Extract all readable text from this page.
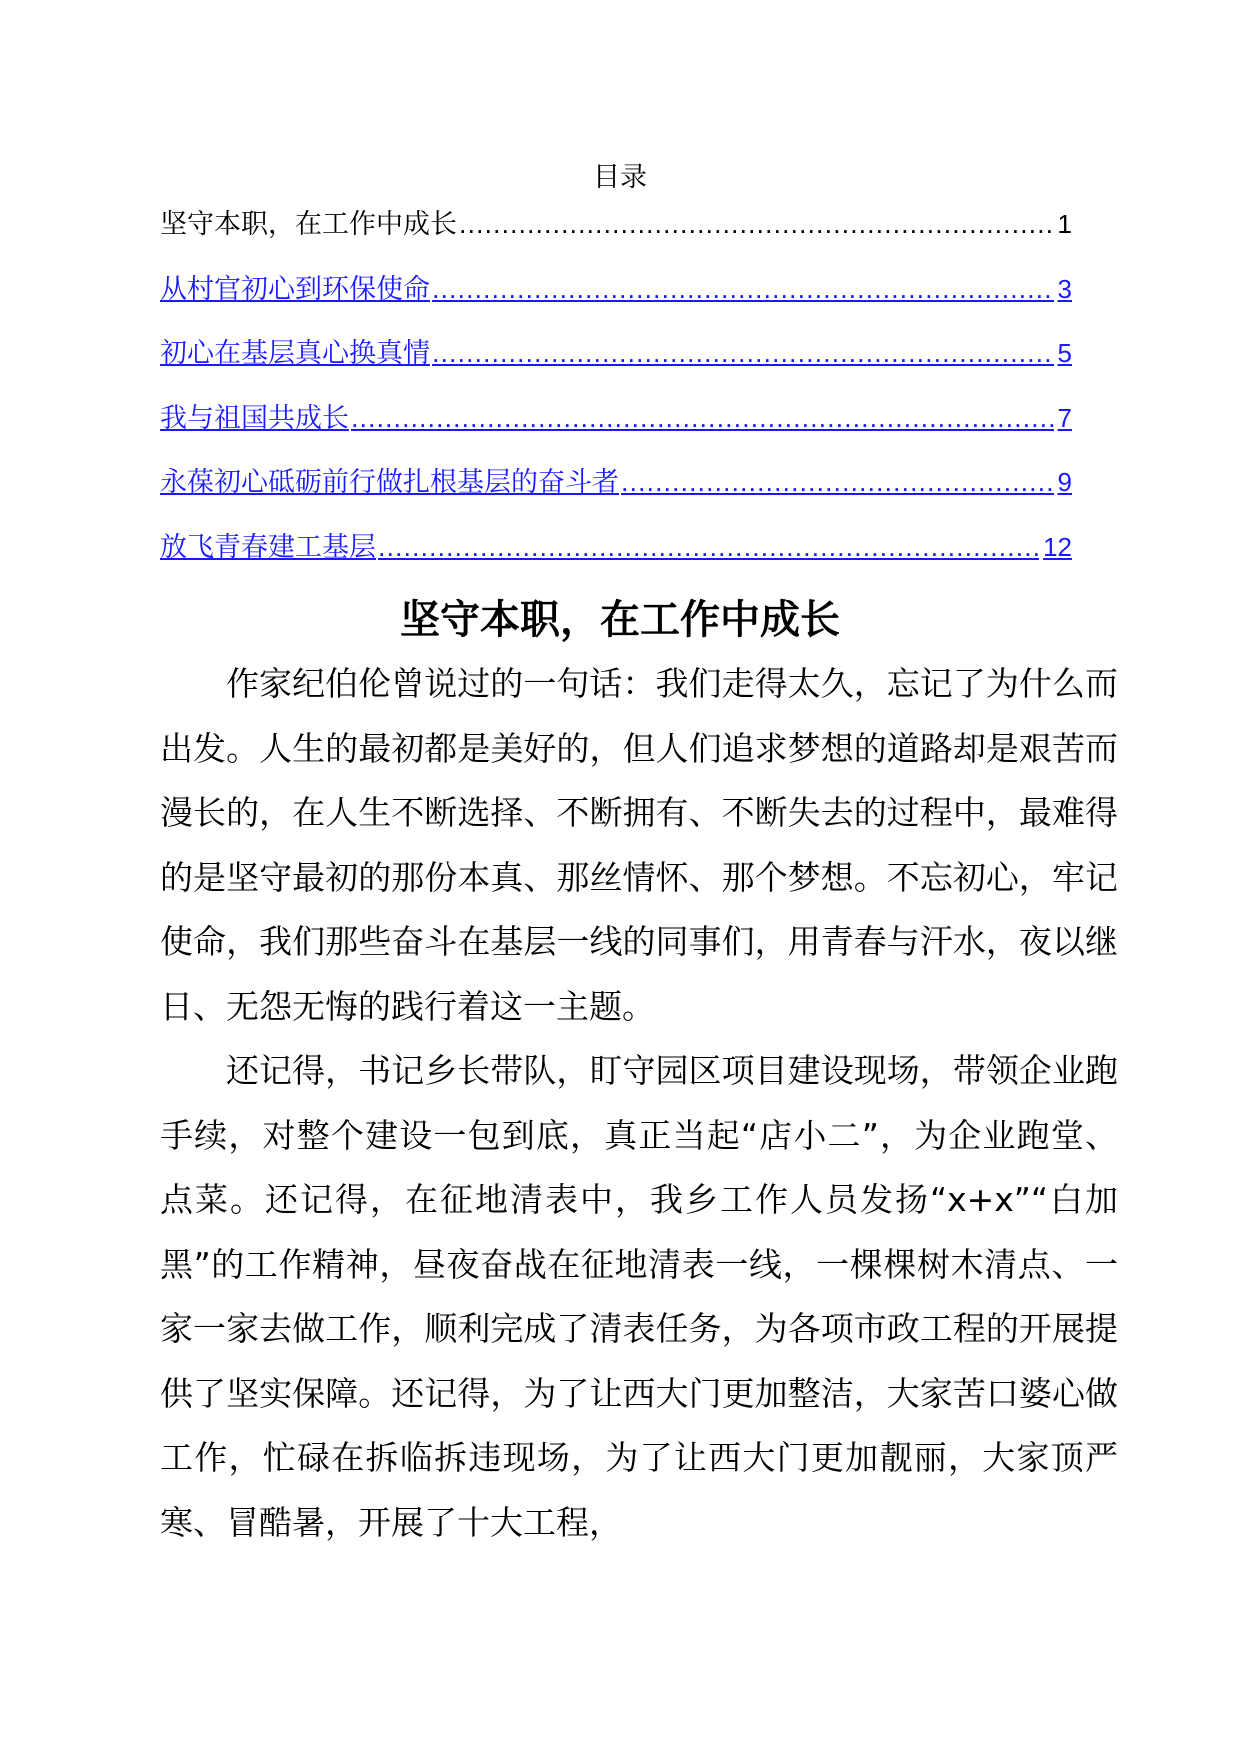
目录
坚守本职，在工作中成长 .....	1
从村官初心到环保使命 .....	3
初心在基层真心换真情 .....	5
我与祖国共成长 .....	7
永葆初心砥砺前行做扎根基层的奋斗者 .....	9
放飞青春建工基层 .....	12
坚守本职，在工作中成长

作家纪伯伦曾说过的一句话：我们走得太久，忘记了为什么而出发。人生的最初都是美好的，但人们追求梦想的道路却是艰苦而漫长的，在人生不断选择、不断拥有、不断失去的过程中，最难得的是坚守最初的那份本真、那丝情怀、那个梦想。不忘初心，牢记使命，我们那些奋斗在基层一线的同事们，用青春与汗水，夜以继日、无怨无悔的践行着这一主题。

还记得，书记乡长带队，盯守园区项目建设现场，带领企业跑手续，对整个建设一包到底，真正当起“店小二”，为企业跑堂、点菜。还记得，在征地清表中，我乡工作人员发扬“x+x”“白加黑”的工作精神，昼夜奋战在征地清表一线，一棵棵树木清点、一家一家去做工作，顺利完成了清表任务，为各项市政工程的开展提供了坚实保障。还记得，为了让西大门更加整洁，大家苦口婆心做工作，忙碌在拆临拆违现场，为了让西大门更加靓丽，大家顶严寒、冒酷暑，开展了十大工程，
